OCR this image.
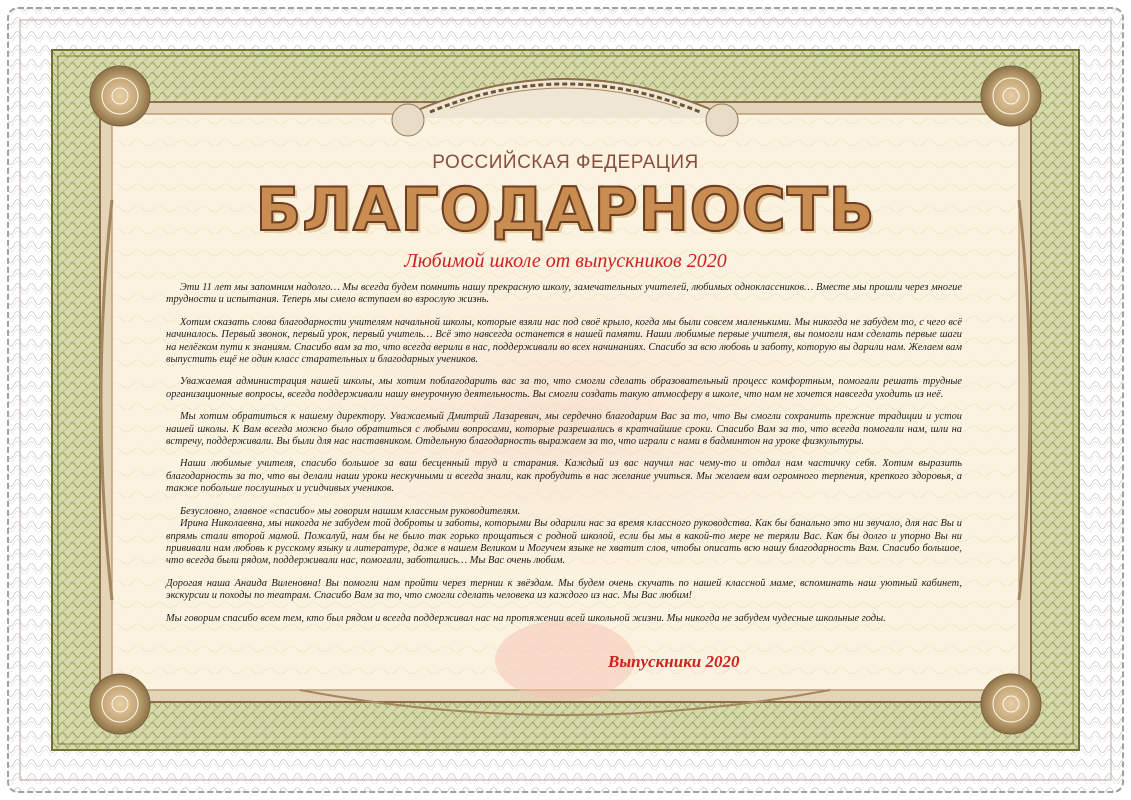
РОССИЙСКАЯ ФЕДЕРАЦИЯ
БЛАГОДАРНОСТЬ
Любимой школе от выпускников 2020

Эти 11 лет мы запомним надолго… Мы всегда будем помнить нашу прекрасную школу, замечательных учителей, любимых одноклассников… Вместе мы прошли через многие трудности и испытания. Теперь мы смело вступаем во взрослую жизнь.

Хотим сказать слова благодарности учителям начальной школы, которые взяли нас под своё крыло, когда мы были совсем маленькими. Мы никогда не забудем то, с чего всё начиналось. Первый звонок, первый урок, первый учитель… Всё это навсегда останется в нашей памяти. Наши любимые первые учителя, вы помогли нам сделать первые шаги на нелёгком пути к знаниям. Спасибо вам за то, что всегда верили в нас, поддерживали во всех начинаниях. Спасибо за всю любовь и заботу, которую вы дарили нам. Желаем вам выпустить ещё не один класс старательных и благодарных учеников.

Уважаемая администрация нашей школы, мы хотим поблагодарить вас за то, что смогли сделать образовательный процесс комфортным, помогали решать трудные организационные вопросы, всегда поддерживали нашу внеурочную деятельность. Вы смогли создать такую атмосферу в школе, что нам не хочется навсегда уходить из неё.

Мы хотим обратиться к нашему директору. Уважаемый Дмитрий Лазаревич, мы сердечно благодарим Вас за то, что Вы смогли сохранить прежние традиции и устои нашей школы. К Вам всегда можно было обратиться с любыми вопросами, которые разрешались в кратчайшие сроки. Спасибо Вам за то, что всегда помогали нам, шли на встречу, поддерживали. Вы были для нас наставником. Отдельную благодарность выражаем за то, что играли с нами в бадминтон на уроке физкультуры.

Наши любимые учителя, спасибо большое за ваш бесценный труд и старания. Каждый из вас научил нас чему-то и отдал нам частичку себя. Хотим выразить благодарность за то, что вы делали наши уроки нескучными и всегда знали, как пробудить в нас желание учиться. Мы желаем вам огромного терпения, крепкого здоровья, а также побольше послушных и усидчивых учеников.

Безусловно, главное «спасибо» мы говорим нашим классным руководителям.

Ирина Николаевна, мы никогда не забудем той доброты и заботы, которыми Вы одарили нас за время классного руководства. Как бы банально это ни звучало, для нас Вы и впрямь стали второй мамой. Пожалуй, нам бы не было так горько прощаться с родной школой, если бы мы в какой-то мере не теряли Вас. Как бы долго и упорно Вы ни прививали нам любовь к русскому языку и литературе, даже в нашем Великом и Могучем языке не хватит слов, чтобы описать всю нашу благодарность Вам. Спасибо большое, что всегда были рядом, поддерживали нас, помогали, заботились… Мы Вас очень любим.

Дорогая наша Анаида Виленовна! Вы помогли нам пройти через тернии к звёздам. Мы будем очень скучать по нашей классной маме, вспоминать наш уютный кабинет, экскурсии и походы по театрам. Спасибо Вам за то, что смогли сделать человека из каждого из нас. Мы Вас любим!

Мы говорим спасибо всем тем, кто был рядом и всегда поддерживал нас на протяжении всей школьной жизни. Мы никогда не забудем чудесные школьные годы.

Выпускники 2020
